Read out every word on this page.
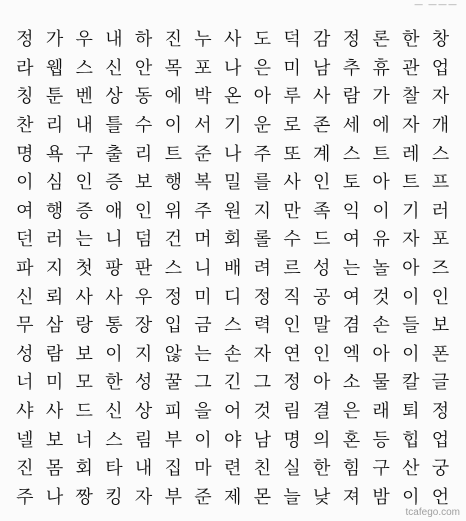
— ———
정 가 우 내 하 진 누 사 도 덕 감 정 론 한 창
라 웹 스 신 안 목 포 나 은 미 남 추 휴 관 업
칭 툰 벤 상 동 에 박 온 아 루 사 람 가 찰 자
찬 리 내 틀 수 이 서 기 운 로 존 세 에 자 개
명 욕 구 출 리 트 준 나 주 또 계 스 트 레 스
이 심 인 증 보 행 복 밀 를 사 인 토 아 트 프
여 행 증 애 인 위 주 원 지 만 족 익 이 기 러
던 러 는 니 덤 건 머 회 롤 수 드 여 유 자 포
파 지 첫 팡 판 스 니 배 려 르 성 는 놀 아 즈
신 뢰 사 사 우 정 미 디 정 직 공 여 것 이 인
무 삼 랑 통 장 입 금 스 력 인 말 겸 손 들 보
성 람 보 이 지 않 는 손 자 연 인 엑 아 이 폰
너 미 모 한 성 꿀 그 긴 그 정 아 소 물 칼 글
샤 사 드 신 상 피 을 어 것 림 결 은 래 퇴 정
넬 보 너 스 림 부 이 야 남 명 의 혼 등 힙 업
진 몸 회 타 내 집 마 련 친 실 한 힘 구 산 궁
주 나 짱 킹 자 부 준 제 몬 늘 낮 져 밤 이 언
tcafego.com
